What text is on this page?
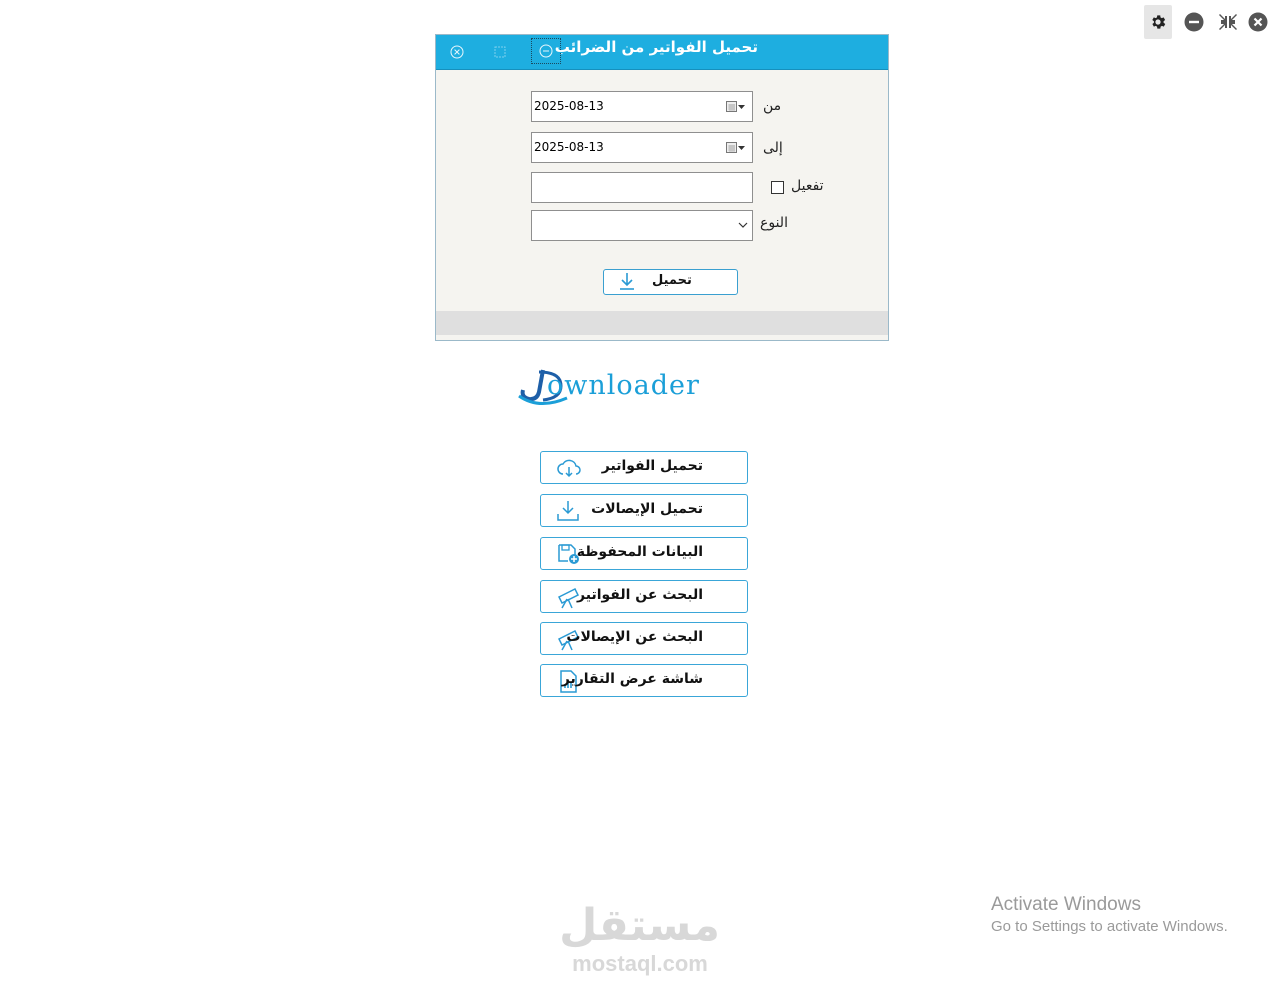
تحميل الفواتير من الضرائب
من
2025-08-13
إلى
2025-08-13
تفعيل
النوع
تحميل
ownloader
تحميل الفواتير
تحميل الإيصالات
البيانات المحفوظة
البحث عن الفواتير
البحث عن الإيصالات
شاشة عرض التقارير
Activate Windows
Go to Settings to activate Windows.
مستقل
mostaql.com
